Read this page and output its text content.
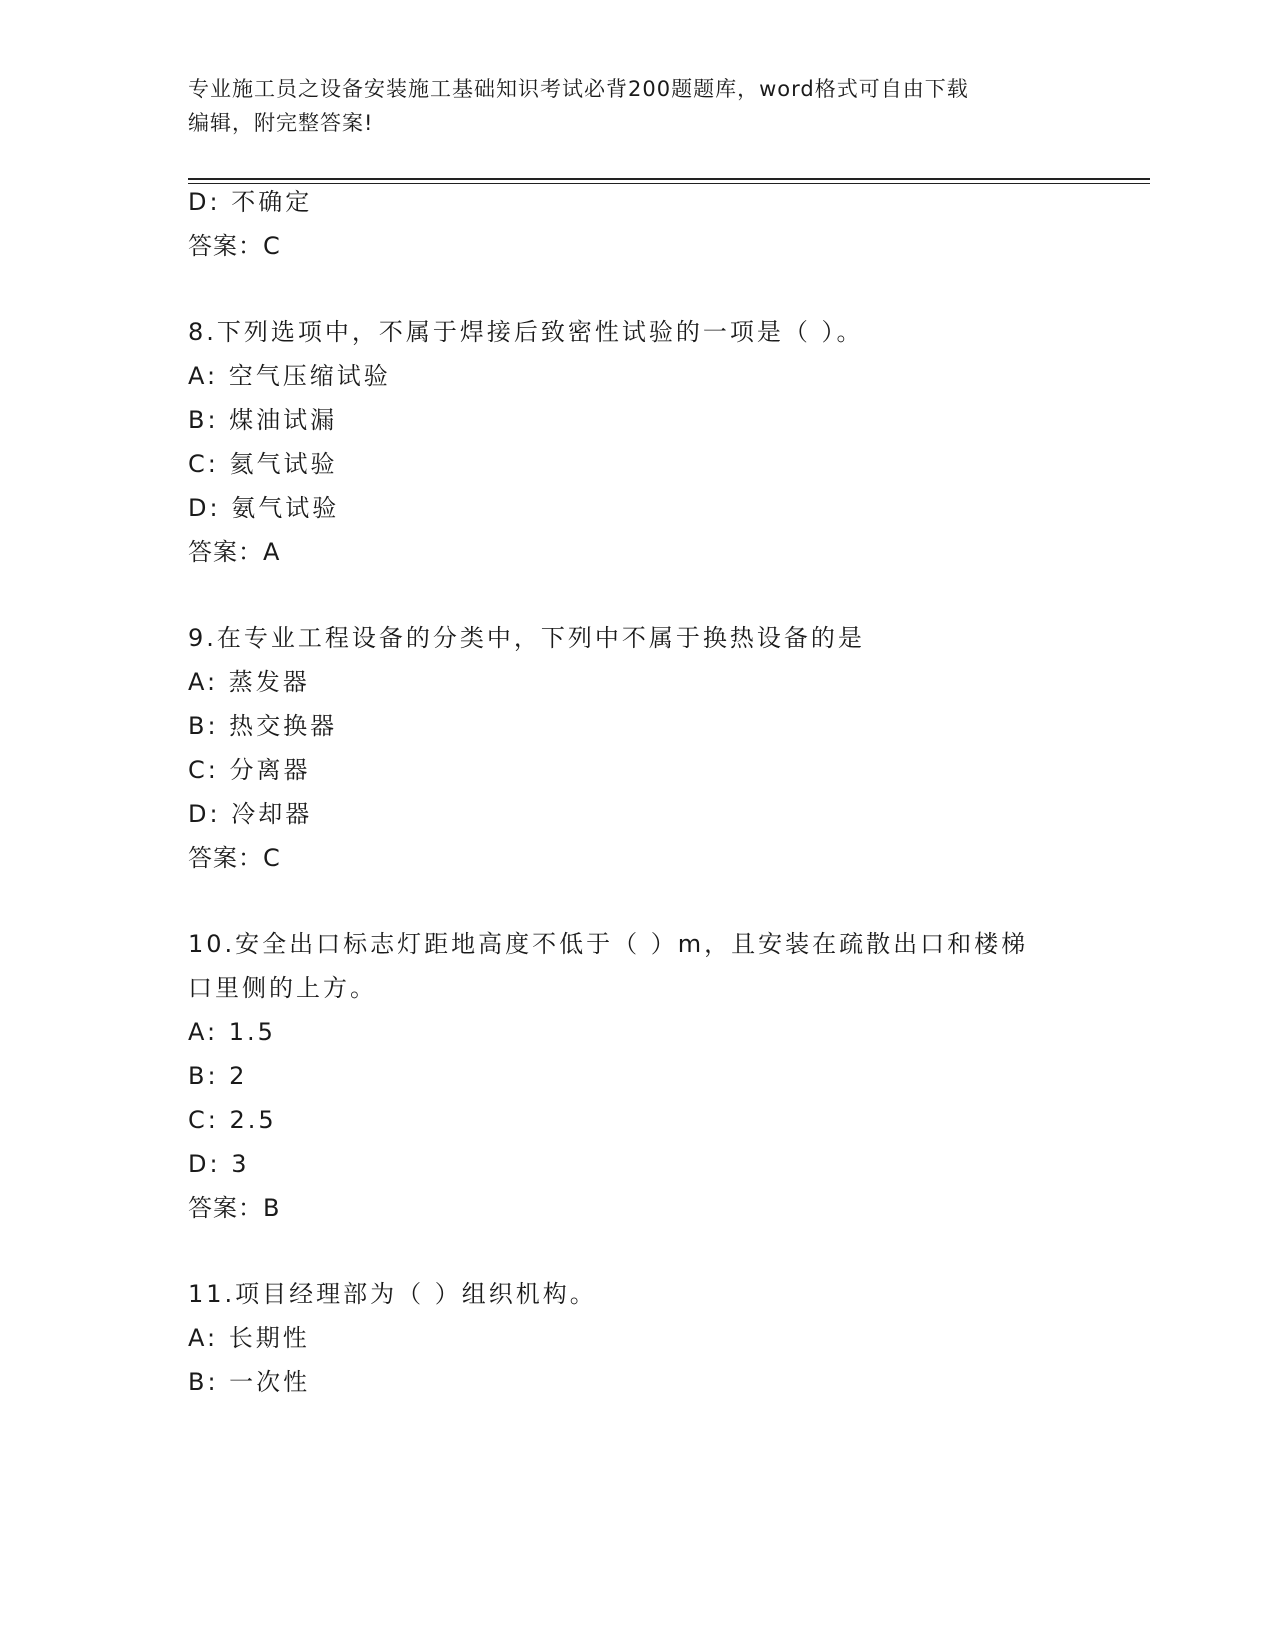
专业施工员之设备安装施工基础知识考试必背200题题库，word格式可自由下载
编辑，附完整答案!
D: 不确定
答案：C
8.下列选项中，不属于焊接后致密性试验的一项是（ ）。
A: 空气压缩试验
B: 煤油试漏
C: 氦气试验
D: 氨气试验
答案：A
9.在专业工程设备的分类中，下列中不属于换热设备的是
A: 蒸发器
B: 热交换器
C: 分离器
D: 冷却器
答案：C
10.安全出口标志灯距地高度不低于（ ）m，且安装在疏散出口和楼梯
口里侧的上方。
A: 1.5
B: 2
C: 2.5
D: 3
答案：B
11.项目经理部为（ ）组织机构。
A: 长期性
B: 一次性
